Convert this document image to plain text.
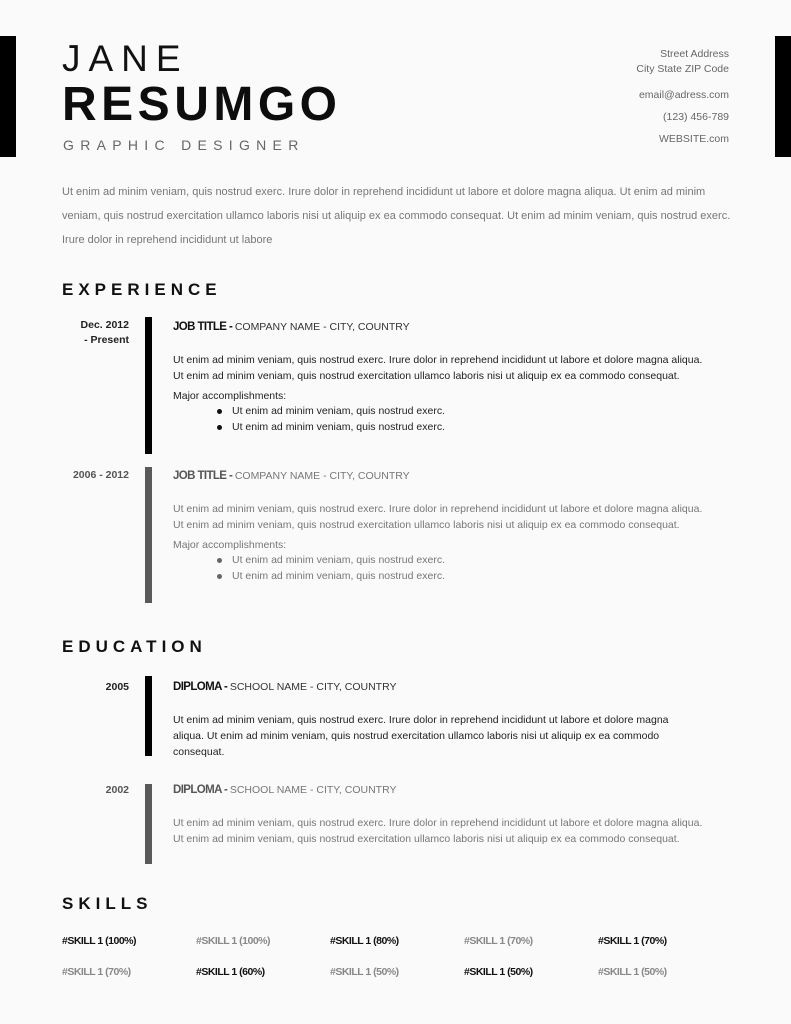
JANE
RESUMGO
GRAPHIC DESIGNER
Street Address
City State ZIP Code
email@adress.com
(123) 456-789
WEBSITE.com
Ut enim ad minim veniam, quis nostrud exerc. Irure dolor in reprehend incididunt ut labore et dolore magna aliqua. Ut enim ad minim veniam, quis nostrud exercitation ullamco laboris nisi ut aliquip ex ea commodo consequat. Ut enim ad minim veniam, quis nostrud exerc. Irure dolor in reprehend incididunt ut labore
EXPERIENCE
Dec. 2012
- Present
JOB TITLE - COMPANY NAME - CITY, COUNTRY
Ut enim ad minim veniam, quis nostrud exerc. Irure dolor in reprehend incididunt ut labore et dolore magna aliqua. Ut enim ad minim veniam, quis nostrud exercitation ullamco laboris nisi ut aliquip ex ea commodo consequat.
Major accomplishments:
Ut enim ad minim veniam, quis nostrud exerc.
Ut enim ad minim veniam, quis nostrud exerc.
2006 - 2012	JOB TITLE - COMPANY NAME - CITY, COUNTRY
Ut enim ad minim veniam, quis nostrud exerc. Irure dolor in reprehend incididunt ut labore et dolore magna aliqua. Ut enim ad minim veniam, quis nostrud exercitation ullamco laboris nisi ut aliquip ex ea commodo consequat.
Major accomplishments:
Ut enim ad minim veniam, quis nostrud exerc.
Ut enim ad minim veniam, quis nostrud exerc.
EDUCATION
2005	DIPLOMA - SCHOOL NAME - CITY, COUNTRY
Ut enim ad minim veniam, quis nostrud exerc. Irure dolor in reprehend incididunt ut labore et dolore magna aliqua. Ut enim ad minim veniam, quis nostrud exercitation ullamco laboris nisi ut aliquip ex ea commodo consequat.
2002	DIPLOMA - SCHOOL NAME - CITY, COUNTRY
Ut enim ad minim veniam, quis nostrud exerc. Irure dolor in reprehend incididunt ut labore et dolore magna aliqua. Ut enim ad minim veniam, quis nostrud exercitation ullamco laboris nisi ut aliquip ex ea commodo consequat.
SKILLS
#SKILL 1 (100%)	#SKILL 1 (100%)	#SKILL 1 (80%)	#SKILL 1 (70%)	#SKILL 1 (70%)
#SKILL 1 (70%)	#SKILL 1 (60%)	#SKILL 1 (50%)	#SKILL 1 (50%)	#SKILL 1 (50%)
